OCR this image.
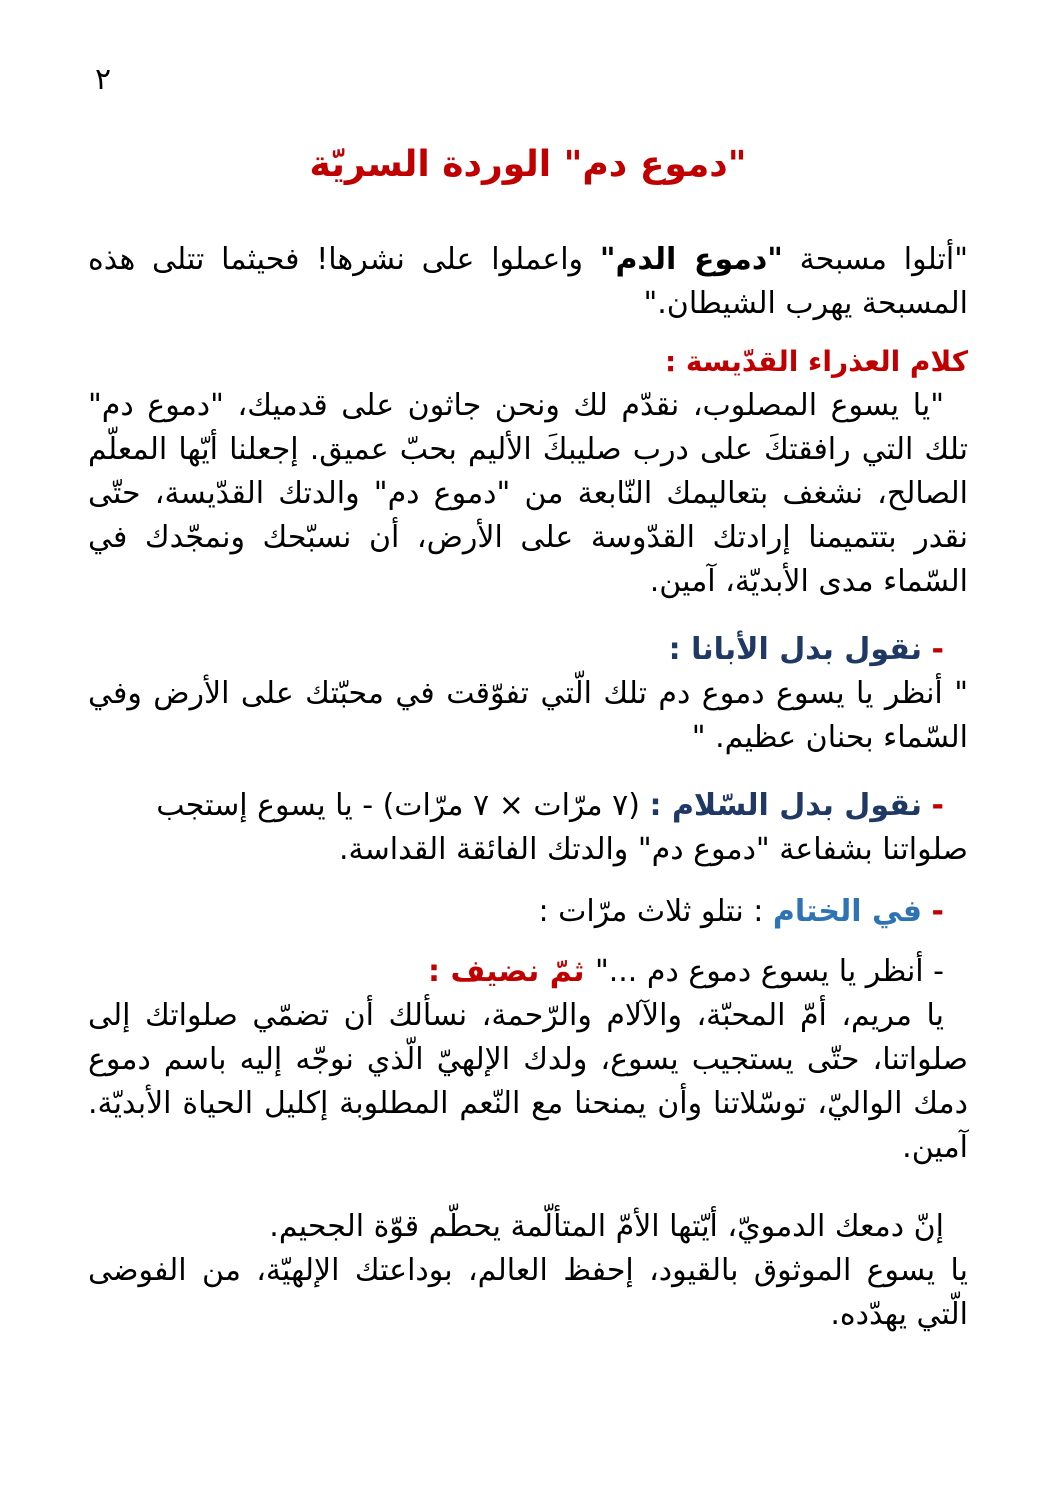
٢
"دموع دم" الوردة السريّة
"أتلوا مسبحة "دموع الدم" واعملوا على نشرها! فحيثما تتلى هذه المسبحة يهرب الشيطان."
كلام العذراء القدّيسة :
"يا يسوع المصلوب، نقدّم لك ونحن جاثون على قدميك، "دموع دم" تلك التي رافقتكَ على درب صليبكَ الأليم بحبّ عميق. إجعلنا أيّها المعلّم الصالح، نشغف بتعاليمك النّابعة من "دموع دم" والدتك القدّيسة، حتّى نقدر بتتميمنا إرادتك القدّوسة على الأرض، أن نسبّحك ونمجّدك في السّماء مدى الأبديّة، آمين.
- نقول بدل الأبانا :
" أنظر يا يسوع دموع دم تلك الّتي تفوّقت في محبّتك على الأرض وفي السّماء بحنان عظيم. "
- نقول بدل السّلام : (٧ مرّات × ٧ مرّات) - يا يسوع إستجب
صلواتنا بشفاعة "دموع دم" والدتك الفائقة القداسة.
- في الختام : نتلو ثلاث مرّات :
- أنظر يا يسوع دموع دم ..." ثمّ نضيف :
يا مريم، أمّ المحبّة، والآلام والرّحمة، نسألك أن تضمّي صلواتك إلى صلواتنا، حتّى يستجيب يسوع، ولدك الإلهيّ الّذي نوجّه إليه باسم دموع دمك الواليّ، توسّلاتنا وأن يمنحنا مع النّعم المطلوبة إكليل الحياة الأبديّة. آمين.
إنّ دمعك الدمويّ، أيّتها الأمّ المتألّمة يحطّم قوّة الجحيم.
يا يسوع الموثوق بالقيود، إحفظ العالم، بوداعتك الإلهيّة، من الفوضى الّتي يهدّده.
